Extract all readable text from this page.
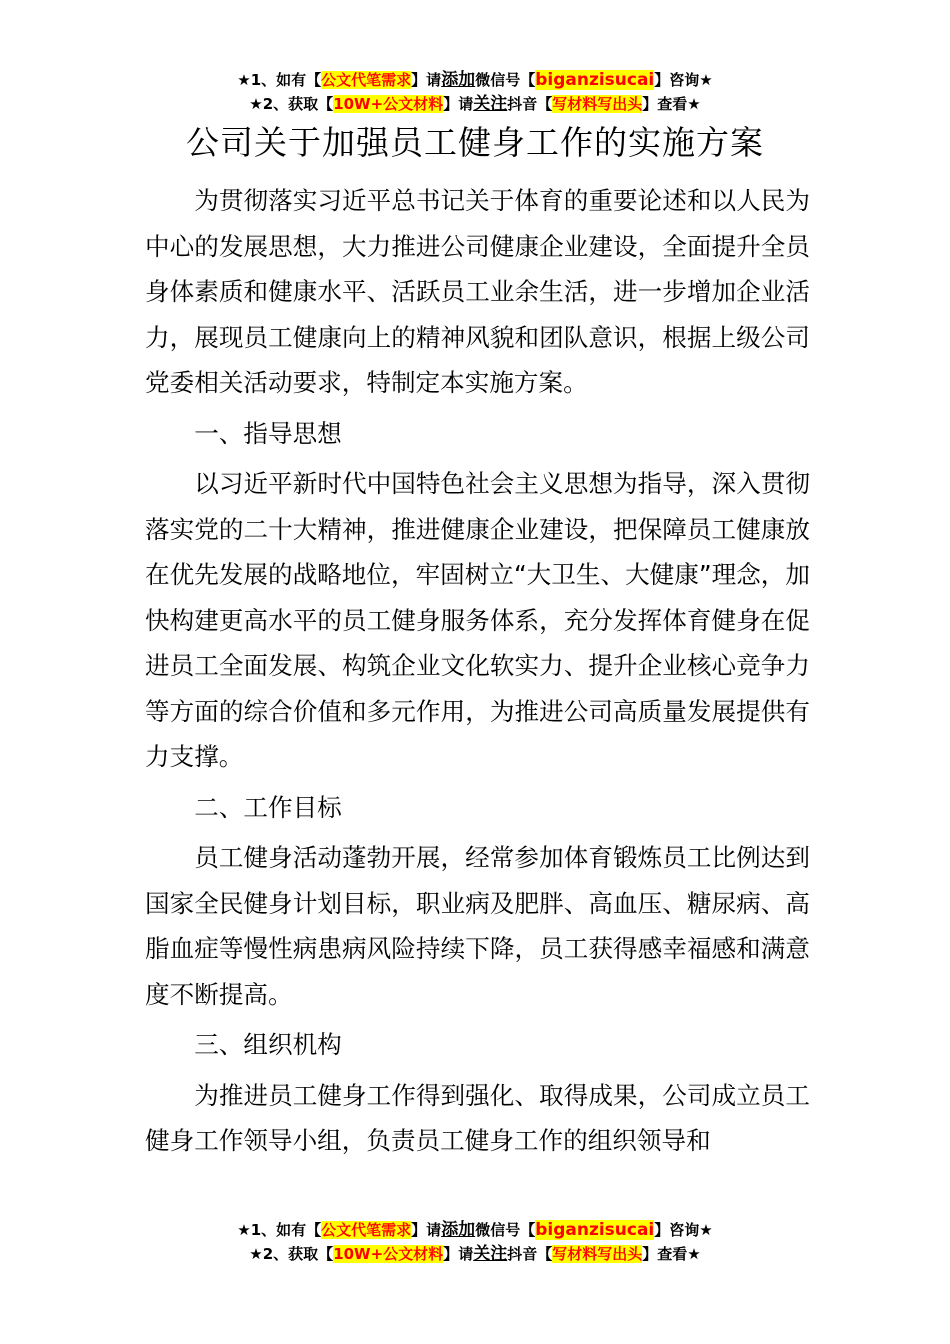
★1、如有【公文代笔需求】请添加微信号【biganzisucai】咨询★
★2、获取【10W+公文材料】请关注抖音【写材料写出头】查看★
公司关于加强员工健身工作的实施方案

为贯彻落实习近平总书记关于体育的重要论述和以人民为中心的发展思想，大力推进公司健康企业建设，全面提升全员身体素质和健康水平、活跃员工业余生活，进一步增加企业活力，展现员工健康向上的精神风貌和团队意识，根据上级公司党委相关活动要求，特制定本实施方案。

一、指导思想

以习近平新时代中国特色社会主义思想为指导，深入贯彻落实党的二十大精神，推进健康企业建设，把保障员工健康放在优先发展的战略地位，牢固树立“大卫生、大健康”理念，加快构建更高水平的员工健身服务体系，充分发挥体育健身在促进员工全面发展、构筑企业文化软实力、提升企业核心竞争力等方面的综合价值和多元作用，为推进公司高质量发展提供有力支撑。

二、工作目标

员工健身活动蓬勃开展，经常参加体育锻炼员工比例达到国家全民健身计划目标，职业病及肥胖、高血压、糖尿病、高脂血症等慢性病患病风险持续下降，员工获得感幸福感和满意度不断提高。

三、组织机构

为推进员工健身工作得到强化、取得成果，公司成立员工健身工作领导小组，负责员工健身工作的组织领导和

★1、如有【公文代笔需求】请添加微信号【biganzisucai】咨询★
★2、获取【10W+公文材料】请关注抖音【写材料写出头】查看★
